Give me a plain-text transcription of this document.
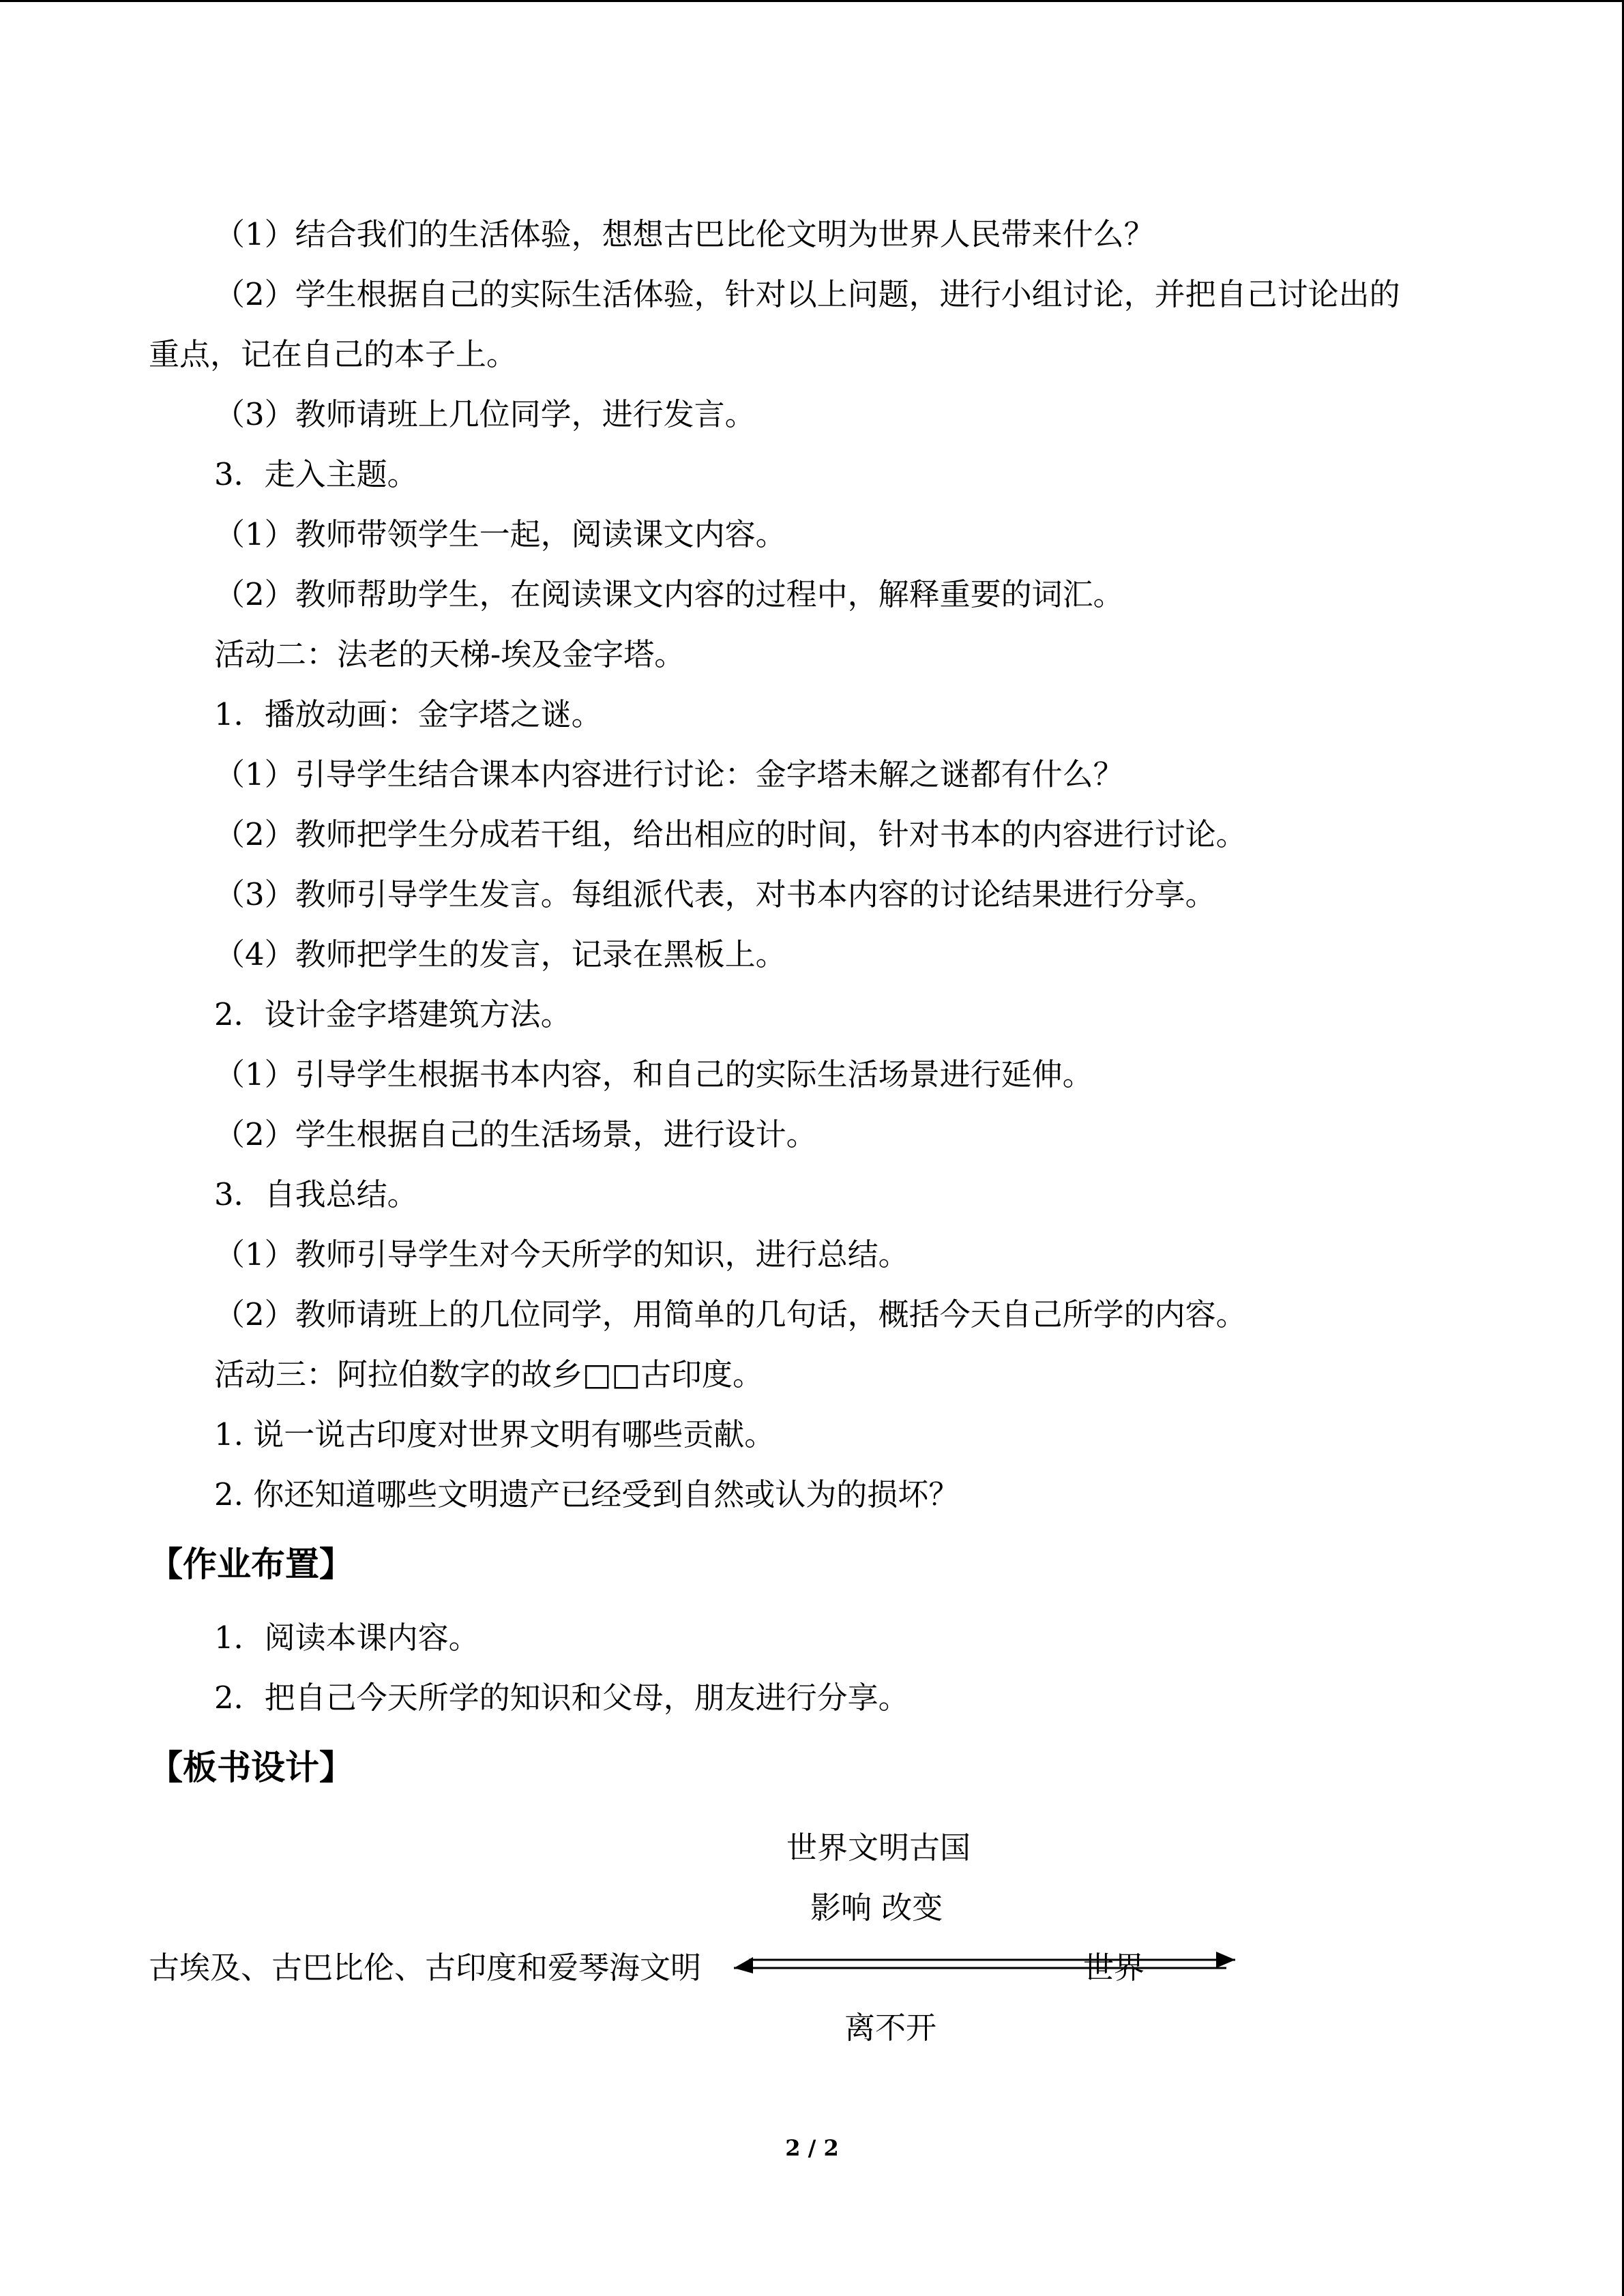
（1）结合我们的生活体验，想想古巴比伦文明为世界人民带来什么？
（2）学生根据自己的实际生活体验，针对以上问题，进行小组讨论，并把自己讨论出的
重点，记在自己的本子上。
（3）教师请班上几位同学，进行发言。
3．走入主题。
（1）教师带领学生一起，阅读课文内容。
（2）教师帮助学生，在阅读课文内容的过程中，解释重要的词汇。
活动二：法老的天梯-埃及金字塔。
1．播放动画：金字塔之谜。
（1）引导学生结合课本内容进行讨论：金字塔未解之谜都有什么？
（2）教师把学生分成若干组，给出相应的时间，针对书本的内容进行讨论。
（3）教师引导学生发言。每组派代表，对书本内容的讨论结果进行分享。
（4）教师把学生的发言，记录在黑板上。
2．设计金字塔建筑方法。
（1）引导学生根据书本内容，和自己的实际生活场景进行延伸。
（2）学生根据自己的生活场景，进行设计。
3．自我总结。
（1）教师引导学生对今天所学的知识，进行总结。
（2）教师请班上的几位同学，用简单的几句话，概括今天自己所学的内容。
活动三：阿拉伯数字的故乡□□古印度。
1. 说一说古印度对世界文明有哪些贡献。
2. 你还知道哪些文明遗产已经受到自然或认为的损坏？
【作业布置】
1．阅读本课内容。
2．把自己今天所学的知识和父母，朋友进行分享。
【板书设计】
世界文明古国
影响 改变
古埃及、古巴比伦、古印度和爱琴海文明	世界
离不开
2 / 2
